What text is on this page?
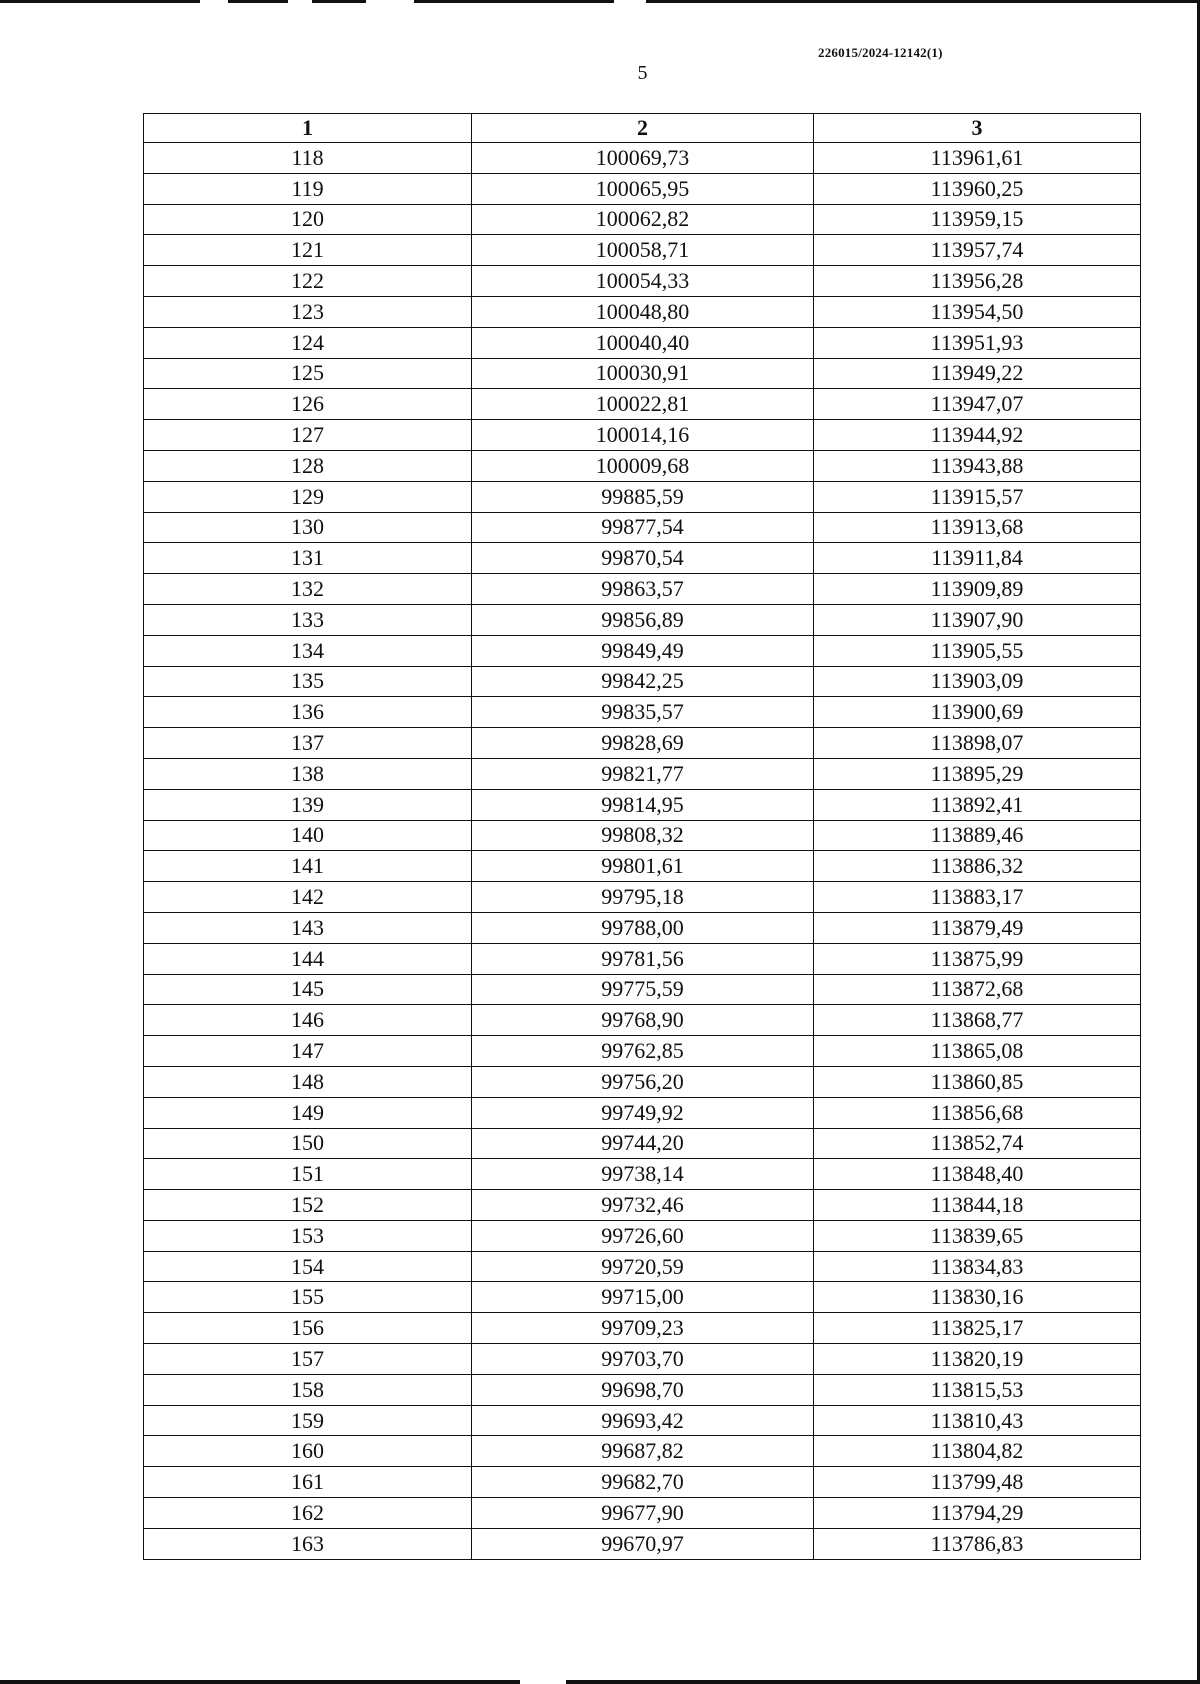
226015/2024-12142(1)
5
1	2	3
118	100069,73	113961,61
119	100065,95	113960,25
120	100062,82	113959,15
121	100058,71	113957,74
122	100054,33	113956,28
123	100048,80	113954,50
124	100040,40	113951,93
125	100030,91	113949,22
126	100022,81	113947,07
127	100014,16	113944,92
128	100009,68	113943,88
129	99885,59	113915,57
130	99877,54	113913,68
131	99870,54	113911,84
132	99863,57	113909,89
133	99856,89	113907,90
134	99849,49	113905,55
135	99842,25	113903,09
136	99835,57	113900,69
137	99828,69	113898,07
138	99821,77	113895,29
139	99814,95	113892,41
140	99808,32	113889,46
141	99801,61	113886,32
142	99795,18	113883,17
143	99788,00	113879,49
144	99781,56	113875,99
145	99775,59	113872,68
146	99768,90	113868,77
147	99762,85	113865,08
148	99756,20	113860,85
149	99749,92	113856,68
150	99744,20	113852,74
151	99738,14	113848,40
152	99732,46	113844,18
153	99726,60	113839,65
154	99720,59	113834,83
155	99715,00	113830,16
156	99709,23	113825,17
157	99703,70	113820,19
158	99698,70	113815,53
159	99693,42	113810,43
160	99687,82	113804,82
161	99682,70	113799,48
162	99677,90	113794,29
163	99670,97	113786,83
